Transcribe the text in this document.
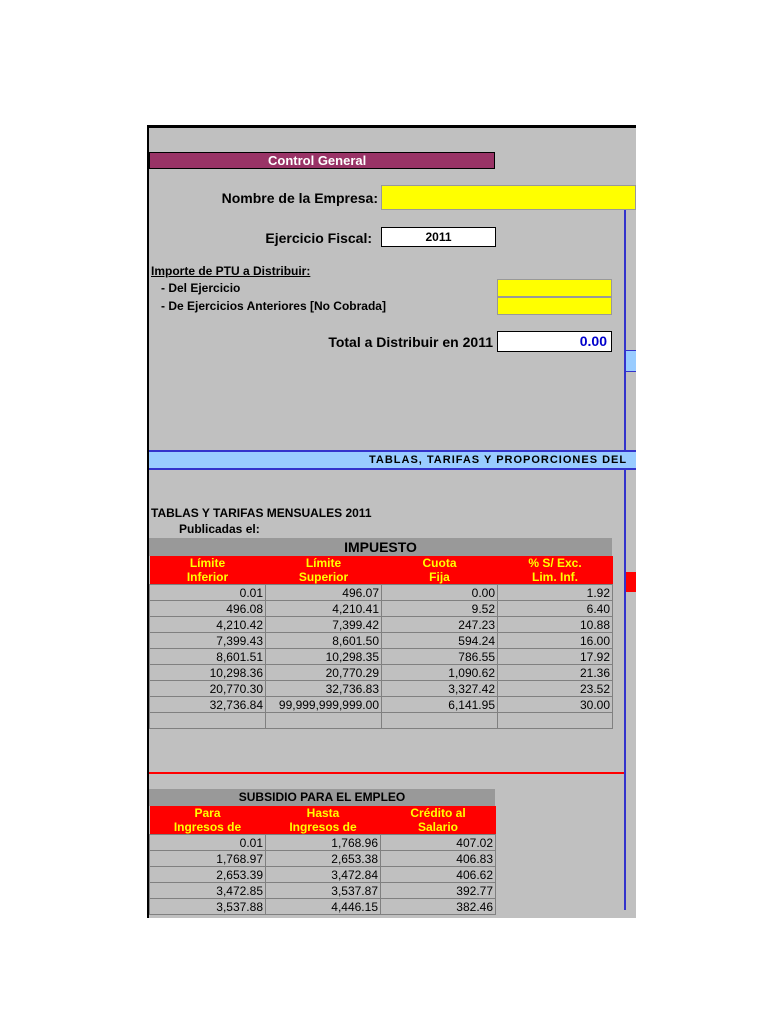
Control General
Nombre de la Empresa:
Ejercicio Fiscal:	2011
Importe de PTU a Distribuir:
- Del Ejercicio
- De Ejercicios Anteriores [No Cobrada]
Total a Distribuir en 2011	0.00
TABLAS, TARIFAS Y PROPORCIONES DEL
TABLAS Y TARIFAS MENSUALES 2011
Publicadas el:
IMPUESTO
Límite	Límite	Cuota	% S/ Exc.
Inferior	Superior	Fija	Lim. Inf.
0.01	496.07	0.00	1.92
496.08	4,210.41	9.52	6.40
4,210.42	7,399.42	247.23	10.88
7,399.43	8,601.50	594.24	16.00
8,601.51	10,298.35	786.55	17.92
10,298.36	20,770.29	1,090.62	21.36
20,770.30	32,736.83	3,327.42	23.52
32,736.84	99,999,999,999.00	6,141.95	30.00

SUBSIDIO PARA EL EMPLEO
Para	Hasta	Crédito al
Ingresos de	Ingresos de	Salario
0.01	1,768.96	407.02
1,768.97	2,653.38	406.83
2,653.39	3,472.84	406.62
3,472.85	3,537.87	392.77
3,537.88	4,446.15	382.46
